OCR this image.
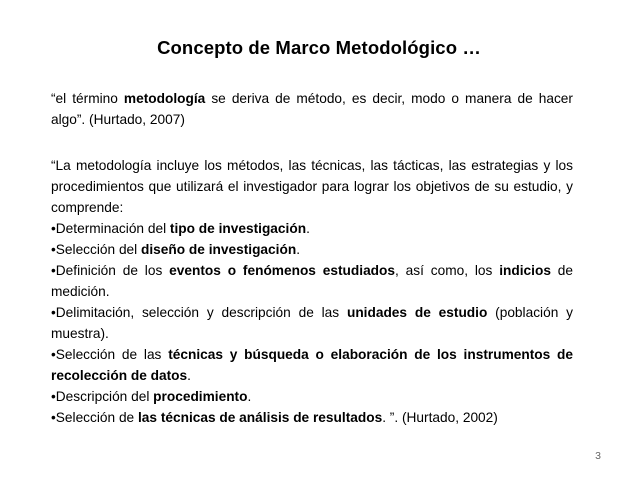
Concepto de Marco Metodológico …

“el término metodología se deriva de método, es decir, modo o manera de hacer algo”. (Hurtado, 2007)

“La metodología incluye los métodos, las técnicas, las tácticas, las estrategias y los procedimientos que utilizará el investigador para lograr los objetivos de su estudio, y comprende:

•Determinación del tipo de investigación.

•Selección del diseño de investigación.

•Definición de los eventos o fenómenos estudiados, así como, los indicios de medición.

•Delimitación, selección y descripción de las unidades de estudio (población y muestra).

•Selección de las técnicas y búsqueda o elaboración de los instrumentos de recolección de datos.

•Descripción del procedimiento.

•Selección de las técnicas de análisis de resultados. ”. (Hurtado, 2002)

3
